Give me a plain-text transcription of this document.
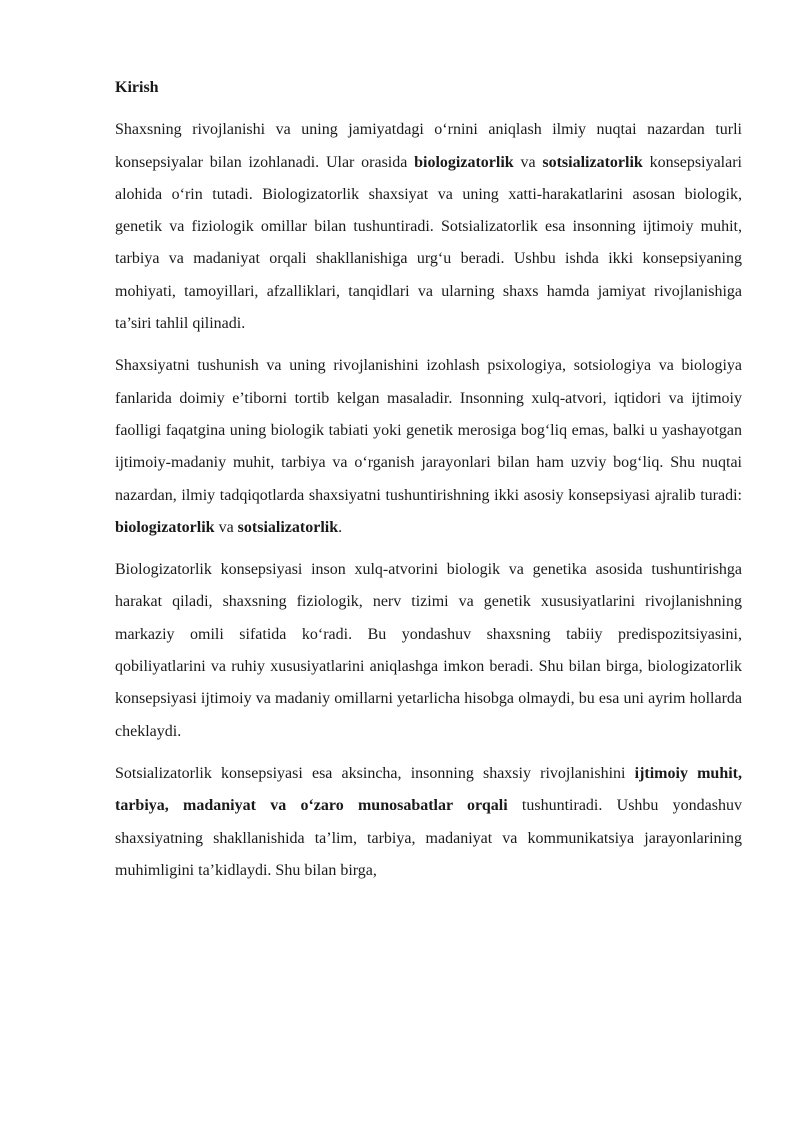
Kirish

Shaxsning rivojlanishi va uning jamiyatdagi o‘rnini aniqlash ilmiy nuqtai nazardan turli konsepsiyalar bilan izohlanadi. Ular orasida biologizatorlik va sotsializatorlik konsepsiyalari alohida o‘rin tutadi. Biologizatorlik shaxsiyat va uning xatti-harakatlarini asosan biologik, genetik va fiziologik omillar bilan tushuntiradi. Sotsializatorlik esa insonning ijtimoiy muhit, tarbiya va madaniyat orqali shakllanishiga urg‘u beradi. Ushbu ishda ikki konsepsiyaning mohiyati, tamoyillari, afzalliklari, tanqidlari va ularning shaxs hamda jamiyat rivojlanishiga ta’siri tahlil qilinadi.

Shaxsiyatni tushunish va uning rivojlanishini izohlash psixologiya, sotsiologiya va biologiya fanlarida doimiy e’tiborni tortib kelgan masaladir. Insonning xulq-atvori, iqtidori va ijtimoiy faolligi faqatgina uning biologik tabiati yoki genetik merosiga bog‘liq emas, balki u yashayotgan ijtimoiy-madaniy muhit, tarbiya va o‘rganish jarayonlari bilan ham uzviy bog‘liq. Shu nuqtai nazardan, ilmiy tadqiqotlarda shaxsiyatni tushuntirishning ikki asosiy konsepsiyasi ajralib turadi: biologizatorlik va sotsializatorlik.

Biologizatorlik konsepsiyasi inson xulq-atvorini biologik va genetika asosida tushuntirishga harakat qiladi, shaxsning fiziologik, nerv tizimi va genetik xususiyatlarini rivojlanishning markaziy omili sifatida ko‘radi. Bu yondashuv shaxsning tabiiy predispozitsiyasini, qobiliyatlarini va ruhiy xususiyatlarini aniqlashga imkon beradi. Shu bilan birga, biologizatorlik konsepsiyasi ijtimoiy va madaniy omillarni yetarlicha hisobga olmaydi, bu esa uni ayrim hollarda cheklaydi.

Sotsializatorlik konsepsiyasi esa aksincha, insonning shaxsiy rivojlanishini ijtimoiy muhit, tarbiya, madaniyat va o‘zaro munosabatlar orqali tushuntiradi. Ushbu yondashuv shaxsiyatning shakllanishida ta’lim, tarbiya, madaniyat va kommunikatsiya jarayonlarining muhimligini ta’kidlaydi. Shu bilan birga,
